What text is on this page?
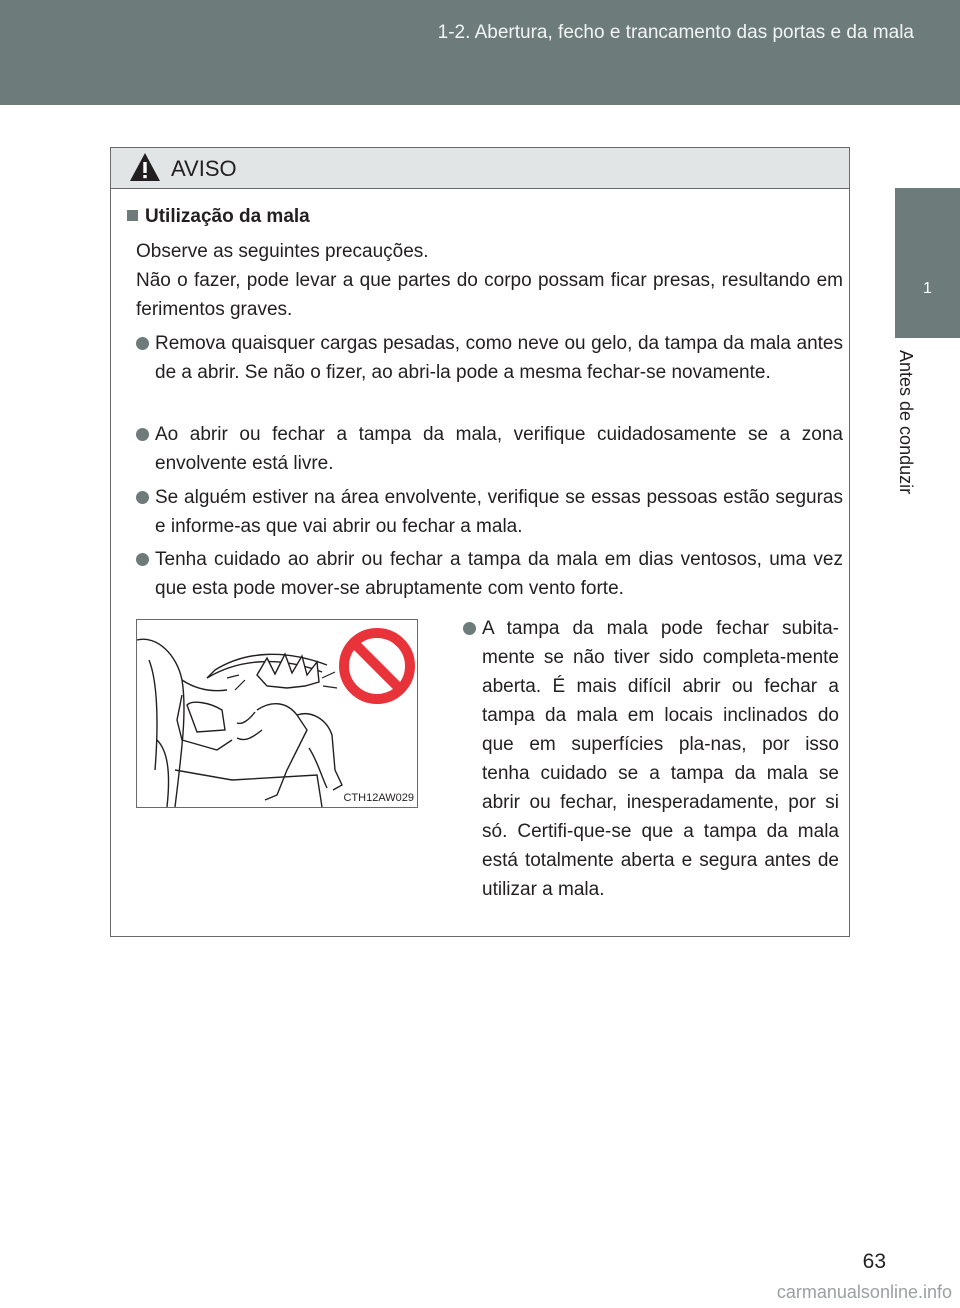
1-2. Abertura, fecho e trancamento das portas e da mala
1
Antes de conduzir
AVISO
Utilização da mala
Observe as seguintes precauções.
Não o fazer, pode levar a que partes do corpo possam ficar presas, resultando em ferimentos graves.
Remova quaisquer cargas pesadas, como neve ou gelo, da tampa da mala antes de a abrir. Se não o fizer, ao abri-la pode a mesma fechar-se novamente.
Ao abrir ou fechar a tampa da mala, verifique cuidadosamente se a zona envolvente está livre.
Se alguém estiver na área envolvente, verifique se essas pessoas estão seguras e informe-as que vai abrir ou fechar a mala.
Tenha cuidado ao abrir ou fechar a tampa da mala em dias ventosos, uma vez que esta pode mover-se abruptamente com vento forte.
CTH12AW029
A tampa da mala pode fechar subita-mente se não tiver sido completa-mente aberta. É mais difícil abrir ou fechar a tampa da mala em locais inclinados do que em superfícies pla-nas, por isso tenha cuidado se a tampa da mala se abrir ou fechar, inesperadamente, por si só. Certifi-que-se que a tampa da mala está totalmente aberta e segura antes de utilizar a mala.
63
carmanualsonline.info
